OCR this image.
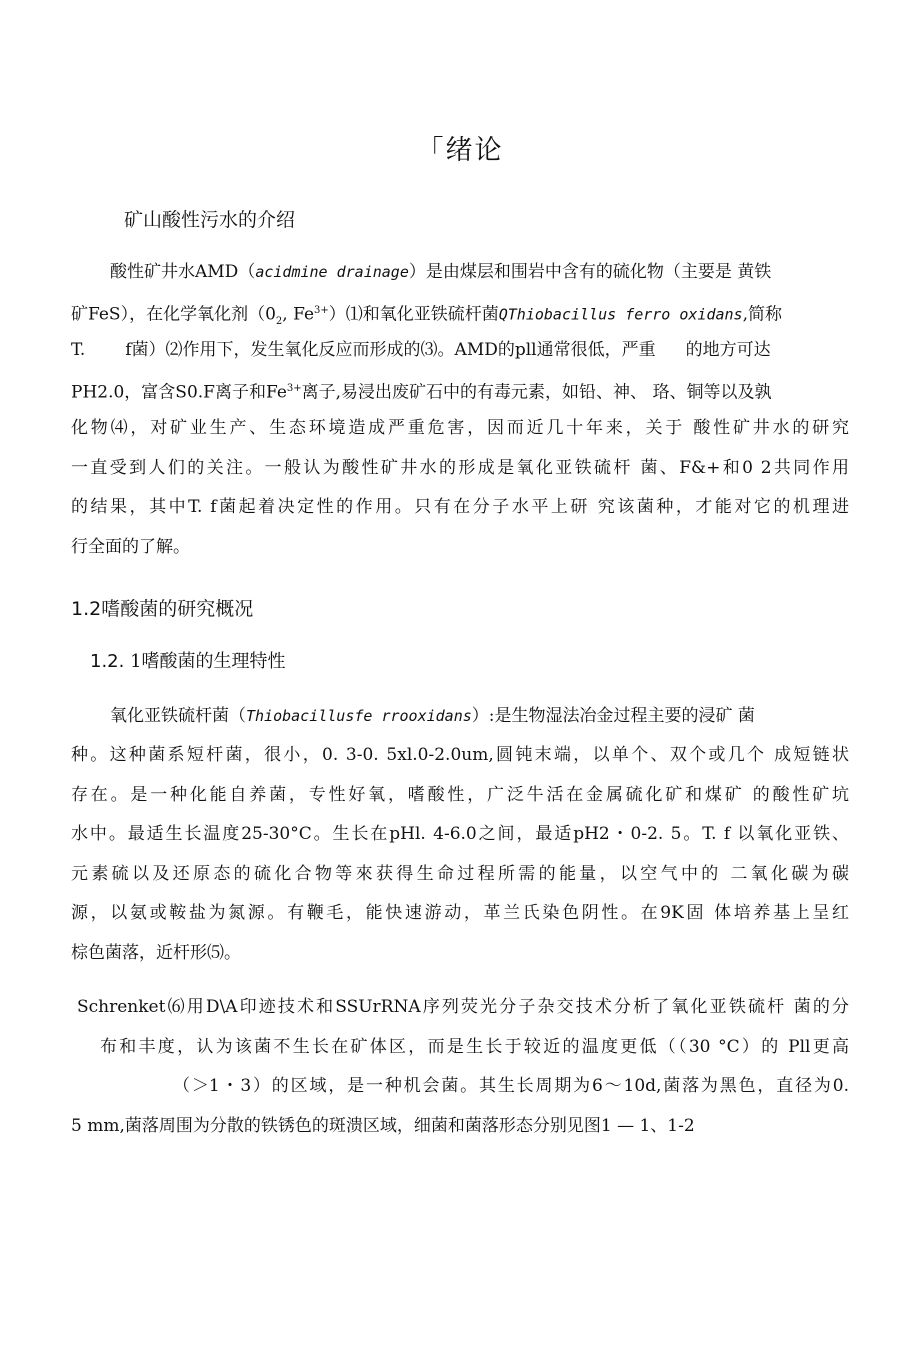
「绪论
矿山酸性污水的介绍
酸性矿井水AMD（acidmine drainage）是由煤层和围岩中含有的硫化物（主要是 黄铁
矿FeS），在化学氧化剂（$0_2$, $Fe^{3+})⑴$和氧化亚铁硫杆菌QThiobacillus ferro oxidans,简称
T. f菌）⑵作用下，发生氧化反应而形成的⑶。AMD的pll通常很低，严重 的地方可达
PH2.0，富含S0.F离子和$Fe^{3+}$离子,易浸出废矿石中的有毒元素，如铅、神、 珞、铜等以及孰
化物⑷，对矿业生产、生态环境造成严重危害，因而近几十年来，关于 酸性矿井水的研究
一直受到人们的关注。一般认为酸性矿井水的形成是氧化亚铁硫杆 菌、F&+和0 2共同作用
的结果，其中T. f菌起着决定性的作用。只有在分子水平上研 究该菌种，才能对它的机理进
行全面的了解。
1.2嗜酸菌的研究概况
1.2. 1嗜酸菌的生理特性
氧化亚铁硫杆菌（Thiobacillusfe rrooxidans）:是生物湿法冶金过程主要的浸矿 菌
种。这种菌系短杆菌，很小，0. 3-0. 5xl.0-2.0um,圆钝末端，以单个、双个或几个 成短链状
存在。是一种化能自养菌，专性好氧，嗜酸性，广泛牛活在金属硫化矿和煤矿 的酸性矿坑
水中。最适生长温度25-30°C。生长在pHl. 4-6.0之间，最适pH2・0-2. 5。T. f 以氧化亚铁、
元素硫以及还原态的硫化合物等來获得生命过程所需的能量，以空气中的 二氧化碳为碳
源，以氨或鞍盐为氮源。有鞭毛，能快速游动，革兰氏染色阴性。在9K固 体培养基上呈红
棕色菌落，近杆形⑸。
Schrenket⑹用D\A印迹技术和SSUrRNA序列荧光分子杂交技术分析了氧化亚铁硫杆 菌的分
布和丰度，认为该菌不生长在矿体区，而是生长于较近的温度更低（（30 °C）的 Pll更高
（＞1・3）的区域，是一种机会菌。其生长周期为6～10d,菌落为黑色，直径为0.
5 mm,菌落周围为分散的铁锈色的斑溃区域，细菌和菌落形态分别见图1 — 1、1-2
